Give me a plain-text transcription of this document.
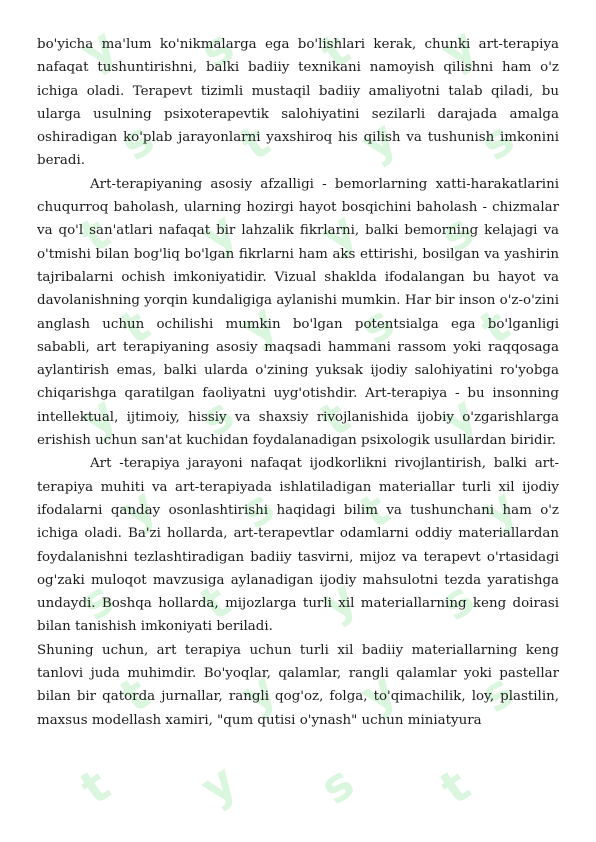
y s t y
s t y s
t y y s
t y s t
y s t y
y s t y
s t y s
t y y s
t y s t

bo'yicha ma'lum ko'nikmalarga ega bo'lishlari kerak, chunki art-terapiya nafaqat tushuntirishni, balki badiiy texnikani namoyish qilishni ham o'z ichiga oladi. Terapevt tizimli mustaqil badiiy amaliyotni talab qiladi, bu ularga usulning psixoterapevtik salohiyatini sezilarli darajada amalga oshiradigan ko'plab jarayonlarni yaxshiroq his qilish va tushunish imkonini beradi.

Art-terapiyaning asosiy afzalligi - bemorlarning xatti-harakatlarini chuqurroq baholash, ularning hozirgi hayot bosqichini baholash - chizmalar va qo'l san'atlari nafaqat bir lahzalik fikrlarni, balki bemorning kelajagi va o'tmishi bilan bog'liq bo'lgan fikrlarni ham aks ettirishi, bosilgan va yashirin tajribalarni ochish imkoniyatidir. Vizual shaklda ifodalangan bu hayot va davolanishning yorqin kundaligiga aylanishi mumkin. Har bir inson o'z-o'zini anglash uchun ochilishi mumkin bo'lgan potentsialga ega bo'lganligi sababli, art terapiyaning asosiy maqsadi hammani rassom yoki raqqosaga aylantirish emas, balki ularda o'zining yuksak ijodiy salohiyatini ro'yobga chiqarishga qaratilgan faoliyatni uyg'otishdir. Art-terapiya - bu insonning intellektual, ijtimoiy, hissiy va shaxsiy rivojlanishida ijobiy o'zgarishlarga erishish uchun san'at kuchidan foydalanadigan psixologik usullardan biridir.

Art -terapiya jarayoni nafaqat ijodkorlikni rivojlantirish, balki art-terapiya muhiti va art-terapiyada ishlatiladigan materiallar turli xil ijodiy ifodalarni qanday osonlashtirishi haqidagi bilim va tushunchani ham o'z ichiga oladi. Ba'zi hollarda, art-terapevtlar odamlarni oddiy materiallardan foydalanishni tezlashtiradigan badiiy tasvirni, mijoz va terapevt o'rtasidagi og'zaki muloqot mavzusiga aylanadigan ijodiy mahsulotni tezda yaratishga undaydi. Boshqa hollarda, mijozlarga turli xil materiallarning keng doirasi bilan tanishish imkoniyati beriladi.

Shuning uchun, art terapiya uchun turli xil badiiy materiallarning keng tanlovi juda muhimdir. Bo'yoqlar, qalamlar, rangli qalamlar yoki pastellar bilan bir qatorda jurnallar, rangli qog'oz, folga, to'qimachilik, loy, plastilin, maxsus modellash xamiri, "qum qutisi o'ynash" uchun miniatyura
